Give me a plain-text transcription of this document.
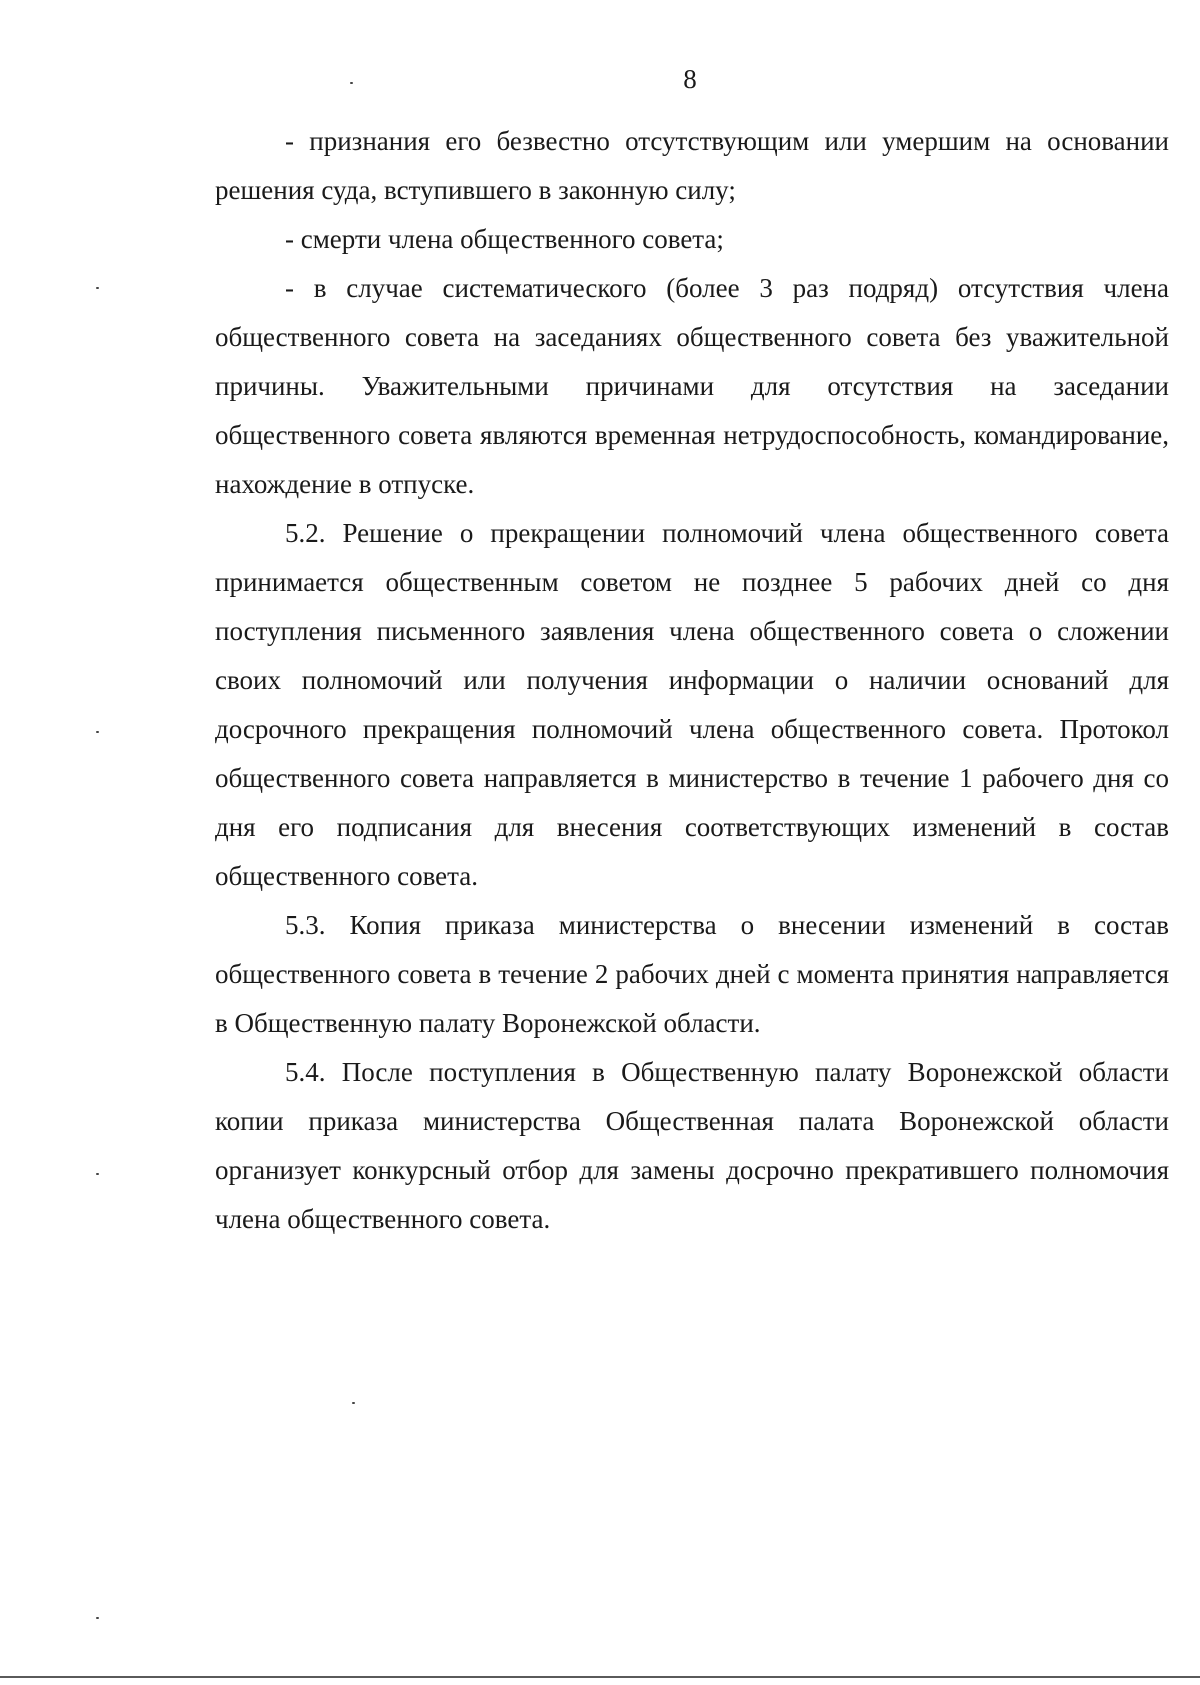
8

- признания его безвестно отсутствующим или умершим на основании решения суда, вступившего в законную силу;

- смерти члена общественного совета;

- в случае систематического (более 3 раз подряд) отсутствия члена общественного совета на заседаниях общественного совета без уважительной причины. Уважительными причинами для отсутствия на заседании общественного совета являются временная нетрудоспособность, командирование, нахождение в отпуске.

5.2. Решение о прекращении полномочий члена общественного совета принимается общественным советом не позднее 5 рабочих дней со дня поступления письменного заявления члена общественного совета о сложении своих полномочий или получения информации о наличии оснований для досрочного прекращения полномочий члена общественного совета. Протокол общественного совета направляется в министерство в течение 1 рабочего дня со дня его подписания для внесения соответствующих изменений в состав общественного совета.

5.3. Копия приказа министерства о внесении изменений в состав общественного совета в течение 2 рабочих дней с момента принятия направляется в Общественную палату Воронежской области.

5.4. После поступления в Общественную палату Воронежской области копии приказа министерства Общественная палата Воронежской области организует конкурсный отбор для замены досрочно прекратившего полномочия члена общественного совета.
